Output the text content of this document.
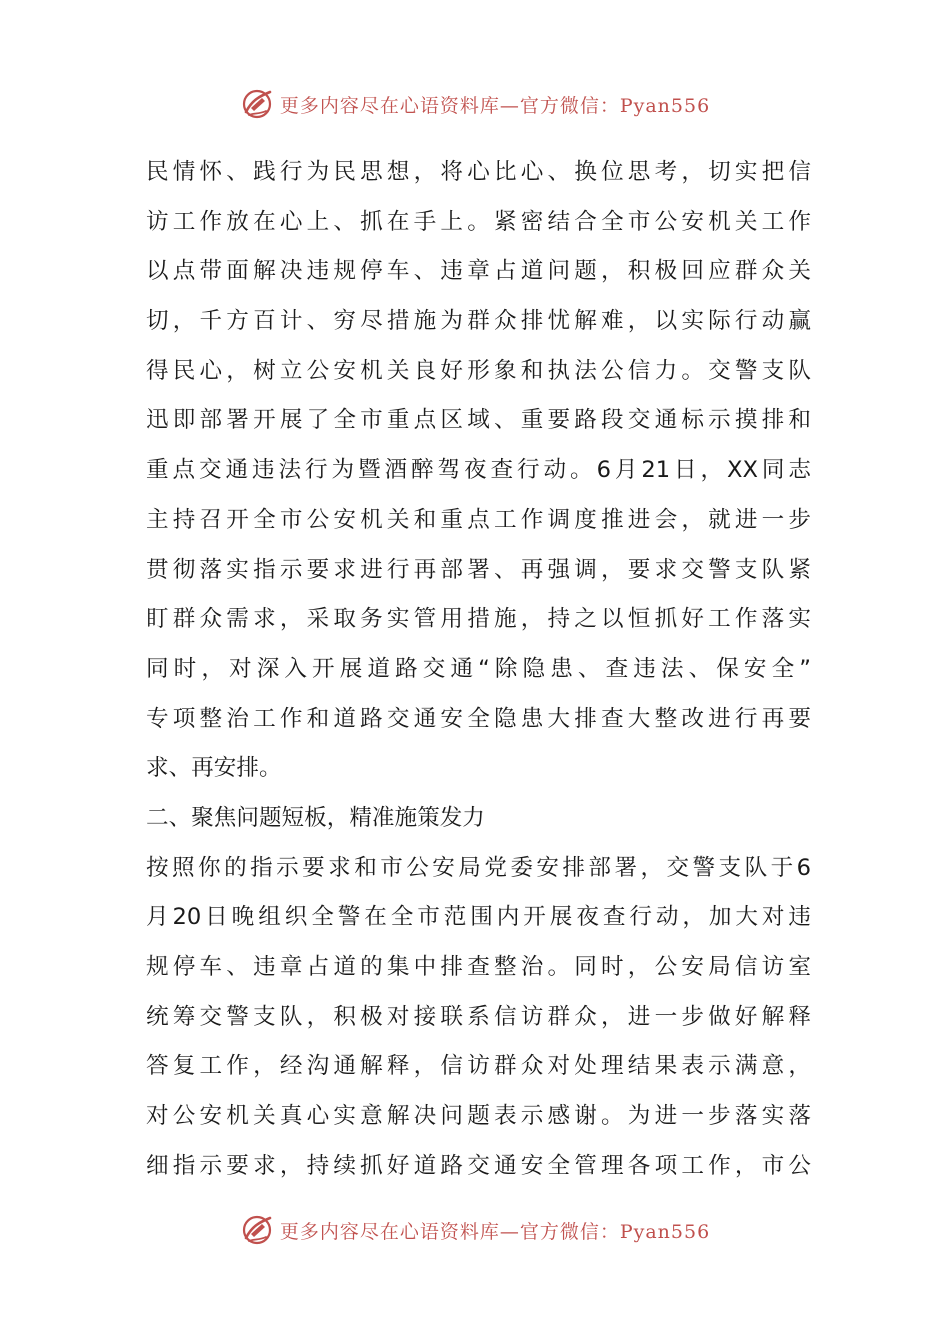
更多内容尽在心语资料库—官方微信：Pyan556
民情怀、践行为民思想，将心比心、换位思考，切实把信
访工作放在心上、抓在手上。紧密结合全市公安机关工作
以点带面解决违规停车、违章占道问题，积极回应群众关
切，千方百计、穷尽措施为群众排忧解难，以实际行动赢
得民心，树立公安机关良好形象和执法公信力。交警支队
迅即部署开展了全市重点区域、重要路段交通标示摸排和
重点交通违法行为暨酒醉驾夜查行动。6月21日，XX同志
主持召开全市公安机关和重点工作调度推进会，就进一步
贯彻落实指示要求进行再部署、再强调，要求交警支队紧
盯群众需求，采取务实管用措施，持之以恒抓好工作落实
同时，对深入开展道路交通“除隐患、查违法、保安全”
专项整治工作和道路交通安全隐患大排查大整改进行再要
求、再安排。
二、聚焦问题短板，精准施策发力
按照你的指示要求和市公安局党委安排部署，交警支队于6
月20日晚组织全警在全市范围内开展夜查行动，加大对违
规停车、违章占道的集中排查整治。同时，公安局信访室
统筹交警支队，积极对接联系信访群众，进一步做好解释
答复工作，经沟通解释，信访群众对处理结果表示满意，
对公安机关真心实意解决问题表示感谢。为进一步落实落
细指示要求，持续抓好道路交通安全管理各项工作，市公
更多内容尽在心语资料库—官方微信：Pyan556
